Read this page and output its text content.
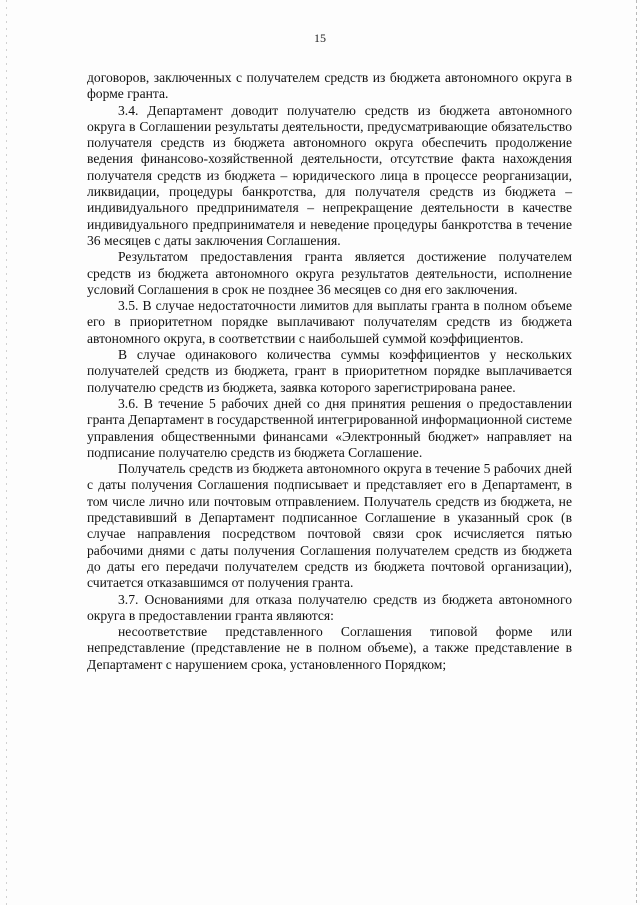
15

договоров, заключенных с получателем средств из бюджета автономного округа в форме гранта.

3.4. Департамент доводит получателю средств из бюджета автономного округа в Соглашении результаты деятельности, предусматривающие обязательство получателя средств из бюджета автономного округа обеспечить продолжение ведения финансово-хозяйственной деятельности, отсутствие факта нахождения получателя средств из бюджета – юридического лица в процессе реорганизации, ликвидации, процедуры банкротства, для получателя средств из бюджета – индивидуального предпринимателя – непрекращение деятельности в качестве индивидуального предпринимателя и неведение процедуры банкротства в течение 36 месяцев с даты заключения Соглашения.

Результатом предоставления гранта является достижение получателем средств из бюджета автономного округа результатов деятельности, исполнение условий Соглашения в срок не позднее 36 месяцев со дня его заключения.

3.5. В случае недостаточности лимитов для выплаты гранта в полном объеме его в приоритетном порядке выплачивают получателям средств из бюджета автономного округа, в соответствии с наибольшей суммой коэффициентов.

В случае одинакового количества суммы коэффициентов у нескольких получателей средств из бюджета, грант в приоритетном порядке выплачивается получателю средств из бюджета, заявка которого зарегистрирована ранее.

3.6. В течение 5 рабочих дней со дня принятия решения о предоставлении гранта Департамент в государственной интегрированной информационной системе управления общественными финансами «Электронный бюджет» направляет на подписание получателю средств из бюджета Соглашение.

Получатель средств из бюджета автономного округа в течение 5 рабочих дней с даты получения Соглашения подписывает и представляет его в Департамент, в том числе лично или почтовым отправлением. Получатель средств из бюджета, не представивший в Департамент подписанное Соглашение в указанный срок (в случае направления посредством почтовой связи срок исчисляется пятью рабочими днями с даты получения Соглашения получателем средств из бюджета до даты его передачи получателем средств из бюджета почтовой организации), считается отказавшимся от получения гранта.

3.7. Основаниями для отказа получателю средств из бюджета автономного округа в предоставлении гранта являются:

несоответствие представленного Соглашения типовой форме или непредставление (представление не в полном объеме), а также представление в Департамент с нарушением срока, установленного Порядком;
